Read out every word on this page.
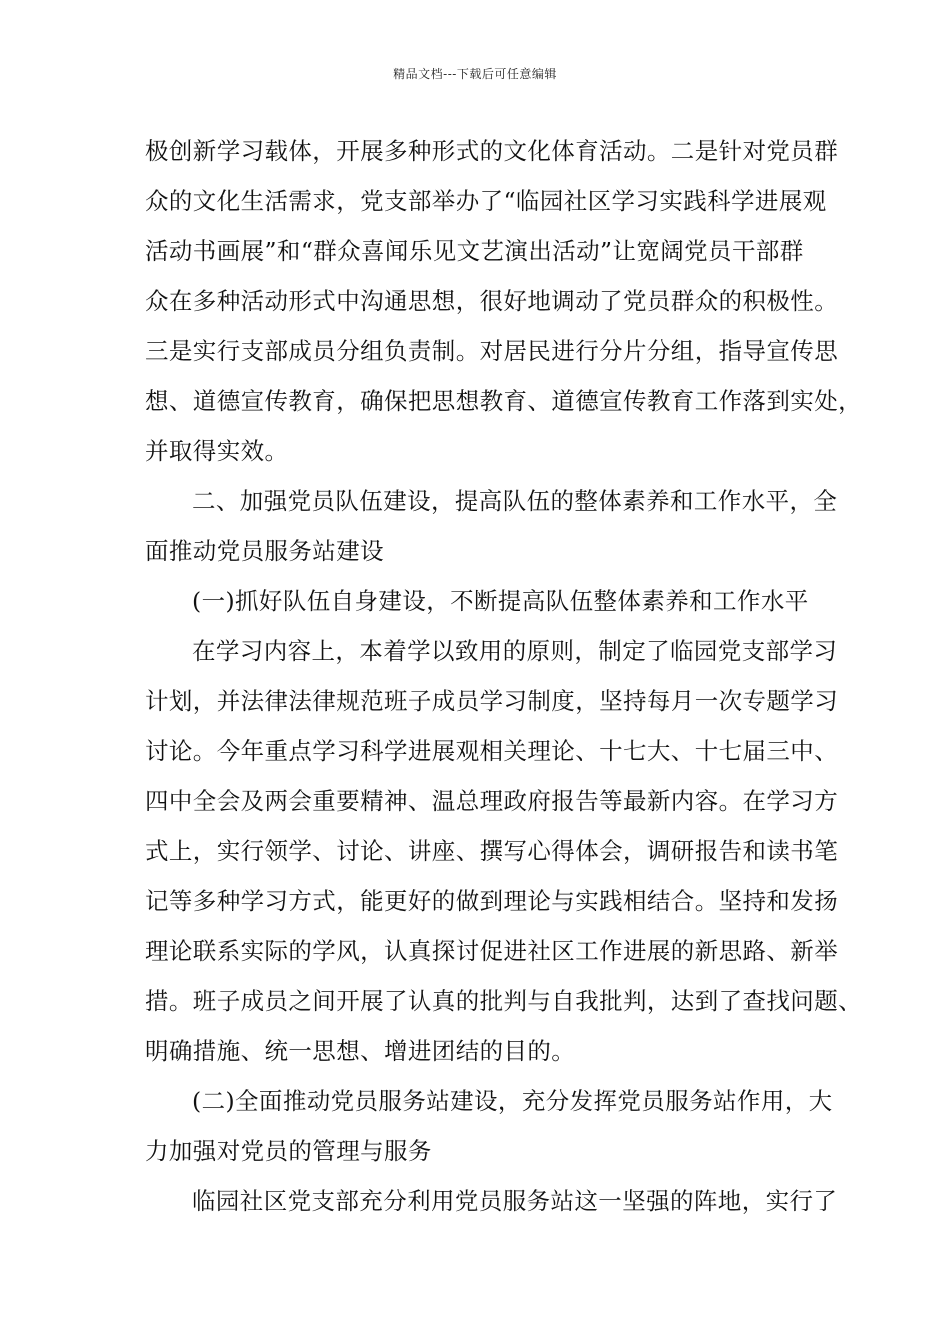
精品文档---下载后可任意编辑
极创新学习载体，开展多种形式的文化体育活动。二是针对党员群
众的文化生活需求，党支部举办了“临园社区学习实践科学进展观
活动书画展”和“群众喜闻乐见文艺演出活动”让宽阔党员干部群
众在多种活动形式中沟通思想，很好地调动了党员群众的积极性。
三是实行支部成员分组负责制。对居民进行分片分组，指导宣传思
想、道德宣传教育，确保把思想教育、道德宣传教育工作落到实处，
并取得实效。
二、加强党员队伍建设，提高队伍的整体素养和工作水平，全
面推动党员服务站建设
(一)抓好队伍自身建设，不断提高队伍整体素养和工作水平
在学习内容上，本着学以致用的原则，制定了临园党支部学习
计划，并法律法律规范班子成员学习制度，坚持每月一次专题学习
讨论。今年重点学习科学进展观相关理论、十七大、十七届三中、
四中全会及两会重要精神、温总理政府报告等最新内容。在学习方
式上，实行领学、讨论、讲座、撰写心得体会，调研报告和读书笔
记等多种学习方式，能更好的做到理论与实践相结合。坚持和发扬
理论联系实际的学风，认真探讨促进社区工作进展的新思路、新举
措。班子成员之间开展了认真的批判与自我批判，达到了查找问题、
明确措施、统一思想、增进团结的目的。
(二)全面推动党员服务站建设，充分发挥党员服务站作用，大
力加强对党员的管理与服务
临园社区党支部充分利用党员服务站这一坚强的阵地，实行了
